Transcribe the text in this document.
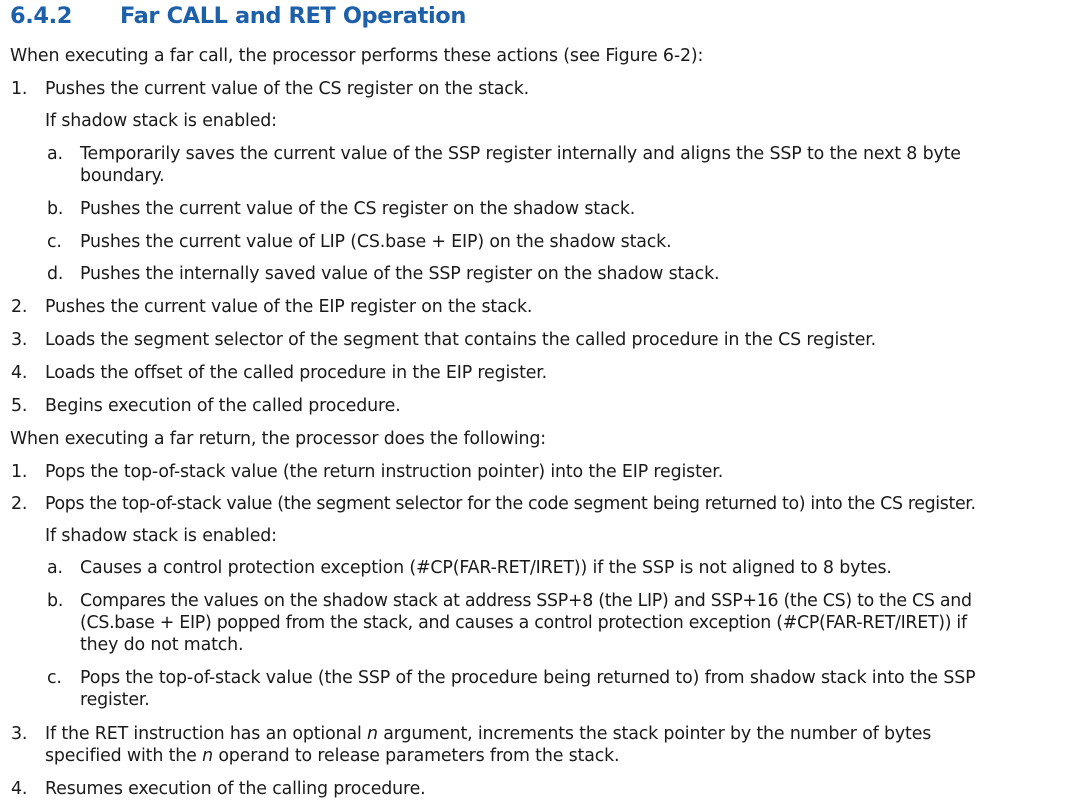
6.4.2 Far CALL and RET Operation
When executing a far call, the processor performs these actions (see Figure 6-2):
1. Pushes the current value of the CS register on the stack.
If shadow stack is enabled:
a. Temporarily saves the current value of the SSP register internally and aligns the SSP to the next 8 byte
boundary.
b. Pushes the current value of the CS register on the shadow stack.
c. Pushes the current value of LIP (CS.base + EIP) on the shadow stack.
d. Pushes the internally saved value of the SSP register on the shadow stack.
2. Pushes the current value of the EIP register on the stack.
3. Loads the segment selector of the segment that contains the called procedure in the CS register.
4. Loads the offset of the called procedure in the EIP register.
5. Begins execution of the called procedure.
When executing a far return, the processor does the following:
1. Pops the top-of-stack value (the return instruction pointer) into the EIP register.
2. Pops the top-of-stack value (the segment selector for the code segment being returned to) into the CS register.
If shadow stack is enabled:
a. Causes a control protection exception (#CP(FAR-RET/IRET)) if the SSP is not aligned to 8 bytes.
b. Compares the values on the shadow stack at address SSP+8 (the LIP) and SSP+16 (the CS) to the CS and
(CS.base + EIP) popped from the stack, and causes a control protection exception (#CP(FAR-RET/IRET)) if
they do not match.
c. Pops the top-of-stack value (the SSP of the procedure being returned to) from shadow stack into the SSP
register.
3. If the RET instruction has an optional n argument, increments the stack pointer by the number of bytes
specified with the n operand to release parameters from the stack.
4. Resumes execution of the calling procedure.
